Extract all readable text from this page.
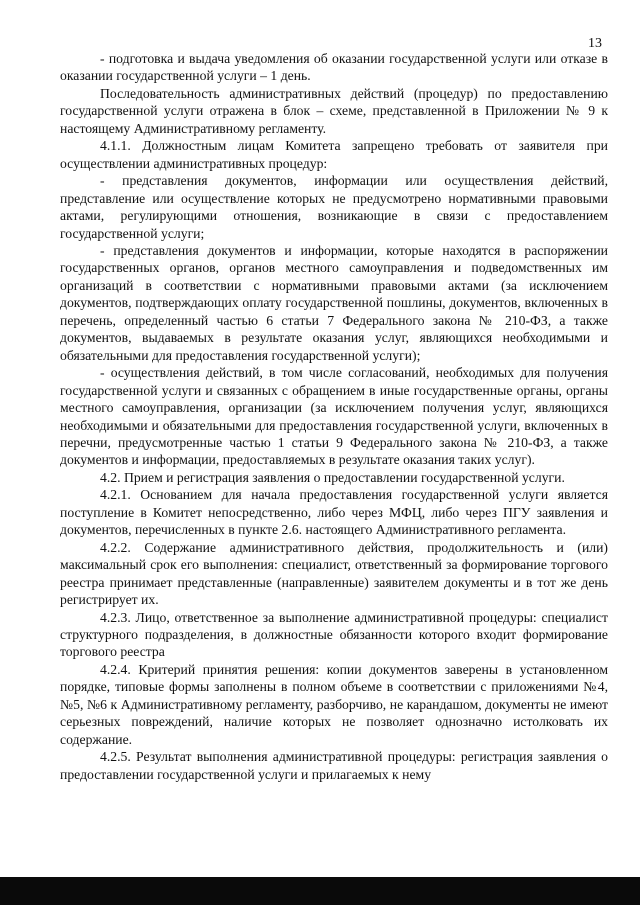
13

- подготовка и выдача уведомления об оказании государственной услуги или отказе в оказании государственной услуги – 1 день.

Последовательность административных действий (процедур) по предоставлению государственной услуги отражена в блок – схеме, представленной в Приложении № 9 к настоящему Административному регламенту.

4.1.1. Должностным лицам Комитета запрещено требовать от заявителя при осуществлении административных процедур:

- представления документов, информации или осуществления действий, представление или осуществление которых не предусмотрено нормативными правовыми актами, регулирующими отношения, возникающие в связи с предоставлением государственной услуги;

- представления документов и информации, которые находятся в распоряжении государственных органов, органов местного самоуправления и подведомственных им организаций в соответствии с нормативными правовыми актами (за исключением документов, подтверждающих оплату государственной пошлины, документов, включенных в перечень, определенный частью 6 статьи 7 Федерального закона № 210-ФЗ, а также документов, выдаваемых в результате оказания услуг, являющихся необходимыми и обязательными для предоставления государственной услуги);

- осуществления действий, в том числе согласований, необходимых для получения государственной услуги и связанных с обращением в иные государственные органы, органы местного самоуправления, организации (за исключением получения услуг, являющихся необходимыми и обязательными для предоставления государственной услуги, включенных в перечни, предусмотренные частью 1 статьи 9 Федерального закона № 210-ФЗ, а также документов и информации, предоставляемых в результате оказания таких услуг).

4.2. Прием и регистрация заявления о предоставлении государственной услуги.

4.2.1. Основанием для начала предоставления государственной услуги является поступление в Комитет непосредственно, либо через МФЦ, либо через ПГУ заявления и документов, перечисленных в пункте 2.6. настоящего Административного регламента.

4.2.2. Содержание административного действия, продолжительность и (или) максимальный срок его выполнения: специалист, ответственный за формирование торгового реестра принимает представленные (направленные) заявителем документы и в тот же день регистрирует их.

4.2.3. Лицо, ответственное за выполнение административной процедуры: специалист структурного подразделения, в должностные обязанности которого входит формирование торгового реестра

4.2.4. Критерий принятия решения: копии документов заверены в установленном порядке, типовые формы заполнены в полном объеме в соответствии с приложениями №4, №5, №6 к Административному регламенту, разборчиво, не карандашом, документы не имеют серьезных повреждений, наличие которых не позволяет однозначно истолковать их содержание.

4.2.5. Результат выполнения административной процедуры: регистрация заявления о предоставлении государственной услуги и прилагаемых к нему
